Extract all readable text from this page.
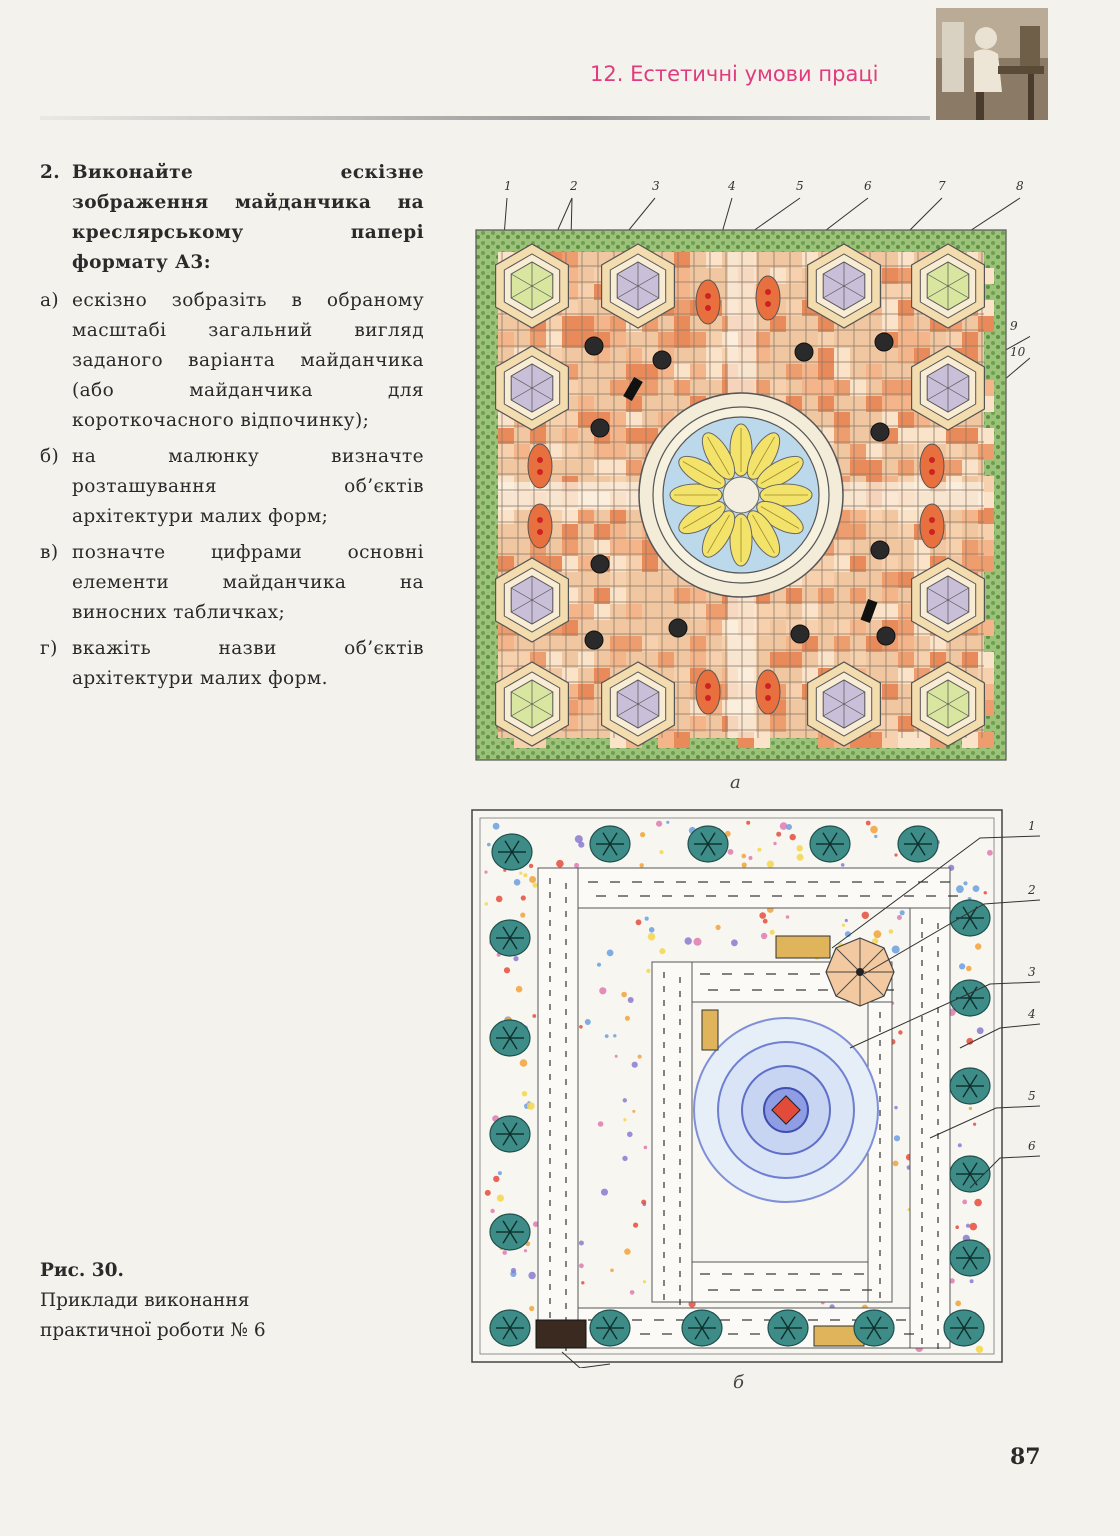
12. Естетичні умови праці
2. Виконайте ескізне зображення майданчика на креслярському папері формату А3:
а) ескізно зобразіть в обраному масштабі загальний вигляд заданого варіанта майданчика (або майданчика для короткочасного відпочинку);
б) на малюнку визначте розташування об’єктів архітектури малих форм;
в) позначте цифрами основні елементи майданчика на виносних табличках;
г) вкажіть назви об’єктів архітектури малих форм.
1	2	3	4	5	6	7	8
9
10
а
1
2
3
4
5
6
б
Рис. 30.
Приклади виконання практичної роботи № 6
87
